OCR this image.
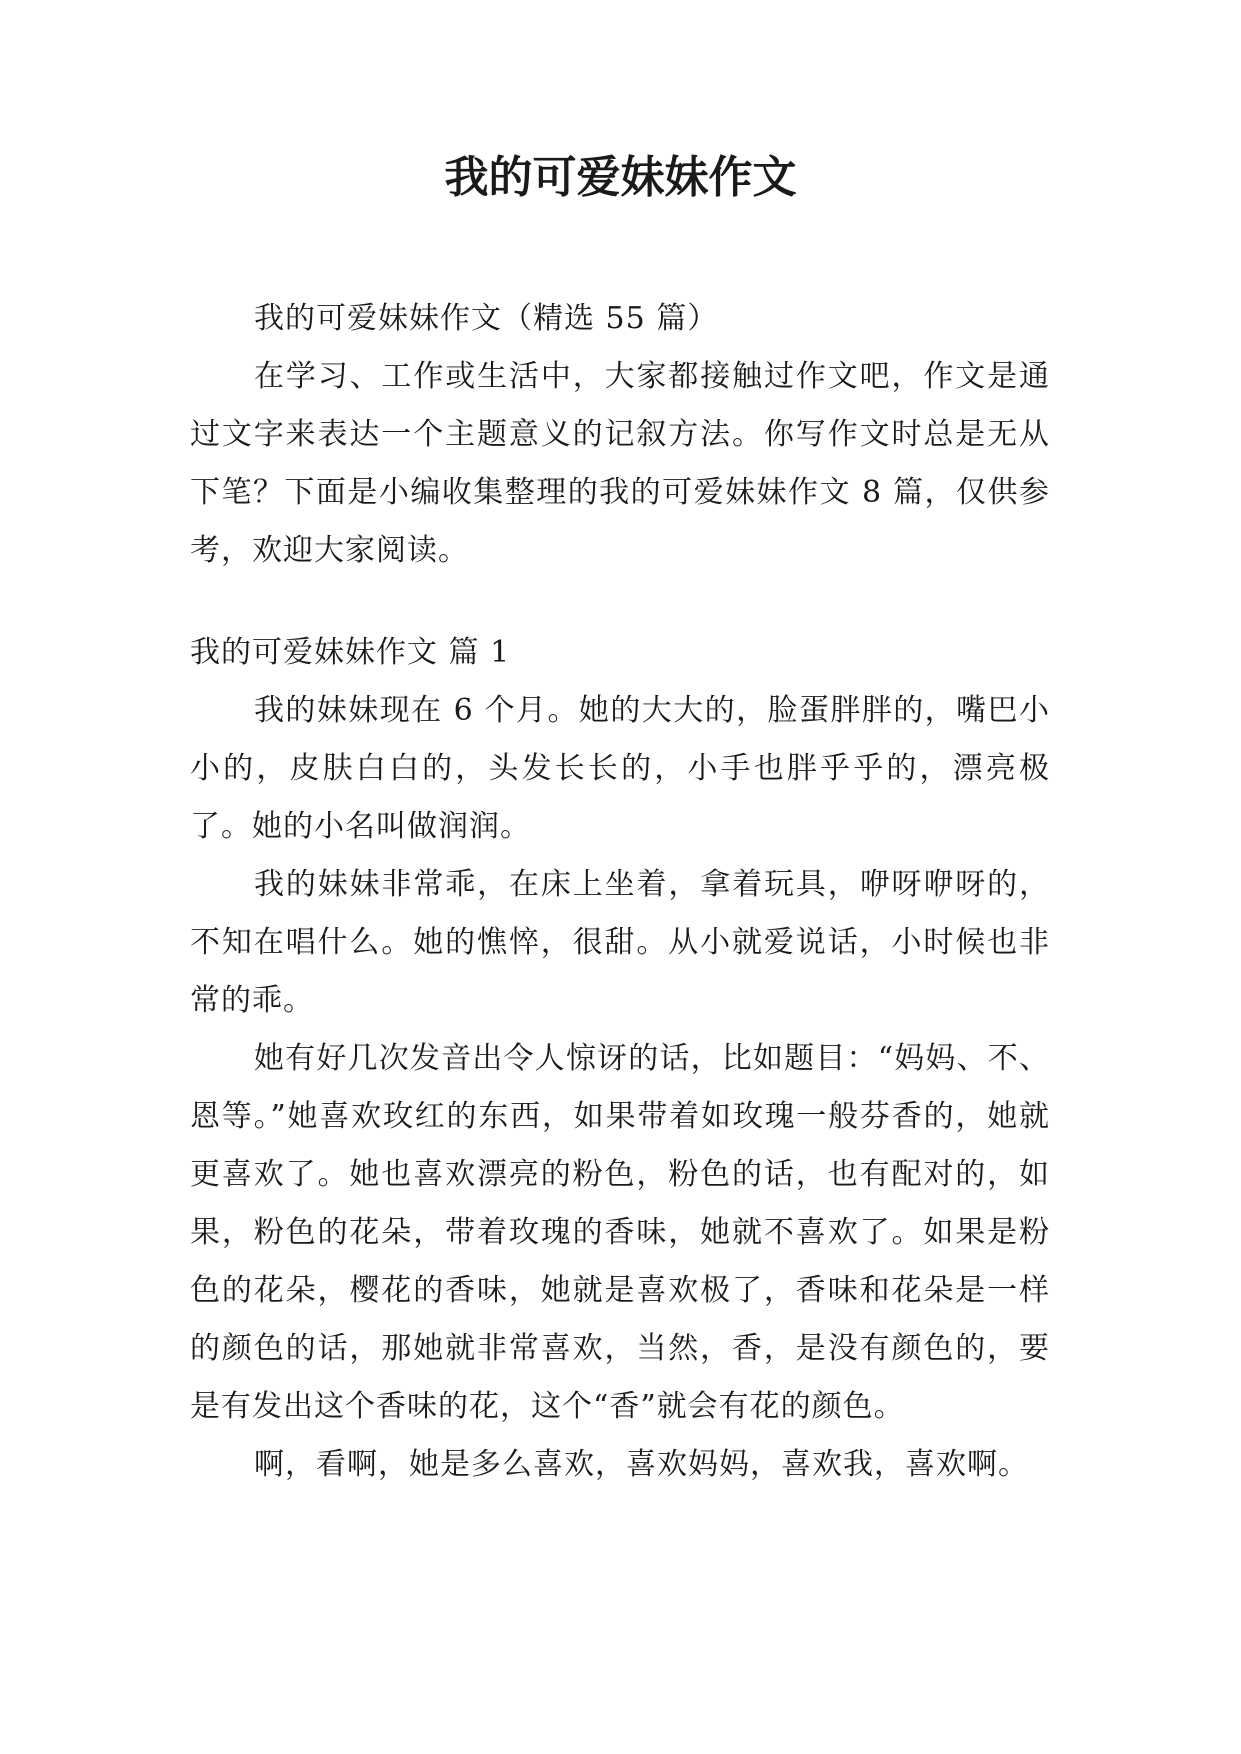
我的可爱妹妹作文

我的可爱妹妹作文（精选 55 篇）

在学习、工作或生活中，大家都接触过作文吧，作文是通过文字来表达一个主题意义的记叙方法。你写作文时总是无从下笔？下面是小编收集整理的我的可爱妹妹作文 8 篇，仅供参考，欢迎大家阅读。

我的可爱妹妹作文 篇 1

我的妹妹现在 6 个月。她的大大的，脸蛋胖胖的，嘴巴小小的，皮肤白白的，头发长长的，小手也胖乎乎的，漂亮极了。她的小名叫做润润。

我的妹妹非常乖，在床上坐着，拿着玩具，咿呀咿呀的，不知在唱什么。她的憔悴，很甜。从小就爱说话，小时候也非常的乖。

她有好几次发音出令人惊讶的话，比如题目：“妈妈、不、恩等。”她喜欢玫红的东西，如果带着如玫瑰一般芬香的，她就更喜欢了。她也喜欢漂亮的粉色，粉色的话，也有配对的，如果，粉色的花朵，带着玫瑰的香味，她就不喜欢了。如果是粉色的花朵，樱花的香味，她就是喜欢极了，香味和花朵是一样的颜色的话，那她就非常喜欢，当然，香，是没有颜色的，要是有发出这个香味的花，这个“香”就会有花的颜色。

啊，看啊，她是多么喜欢，喜欢妈妈，喜欢我，喜欢啊。
